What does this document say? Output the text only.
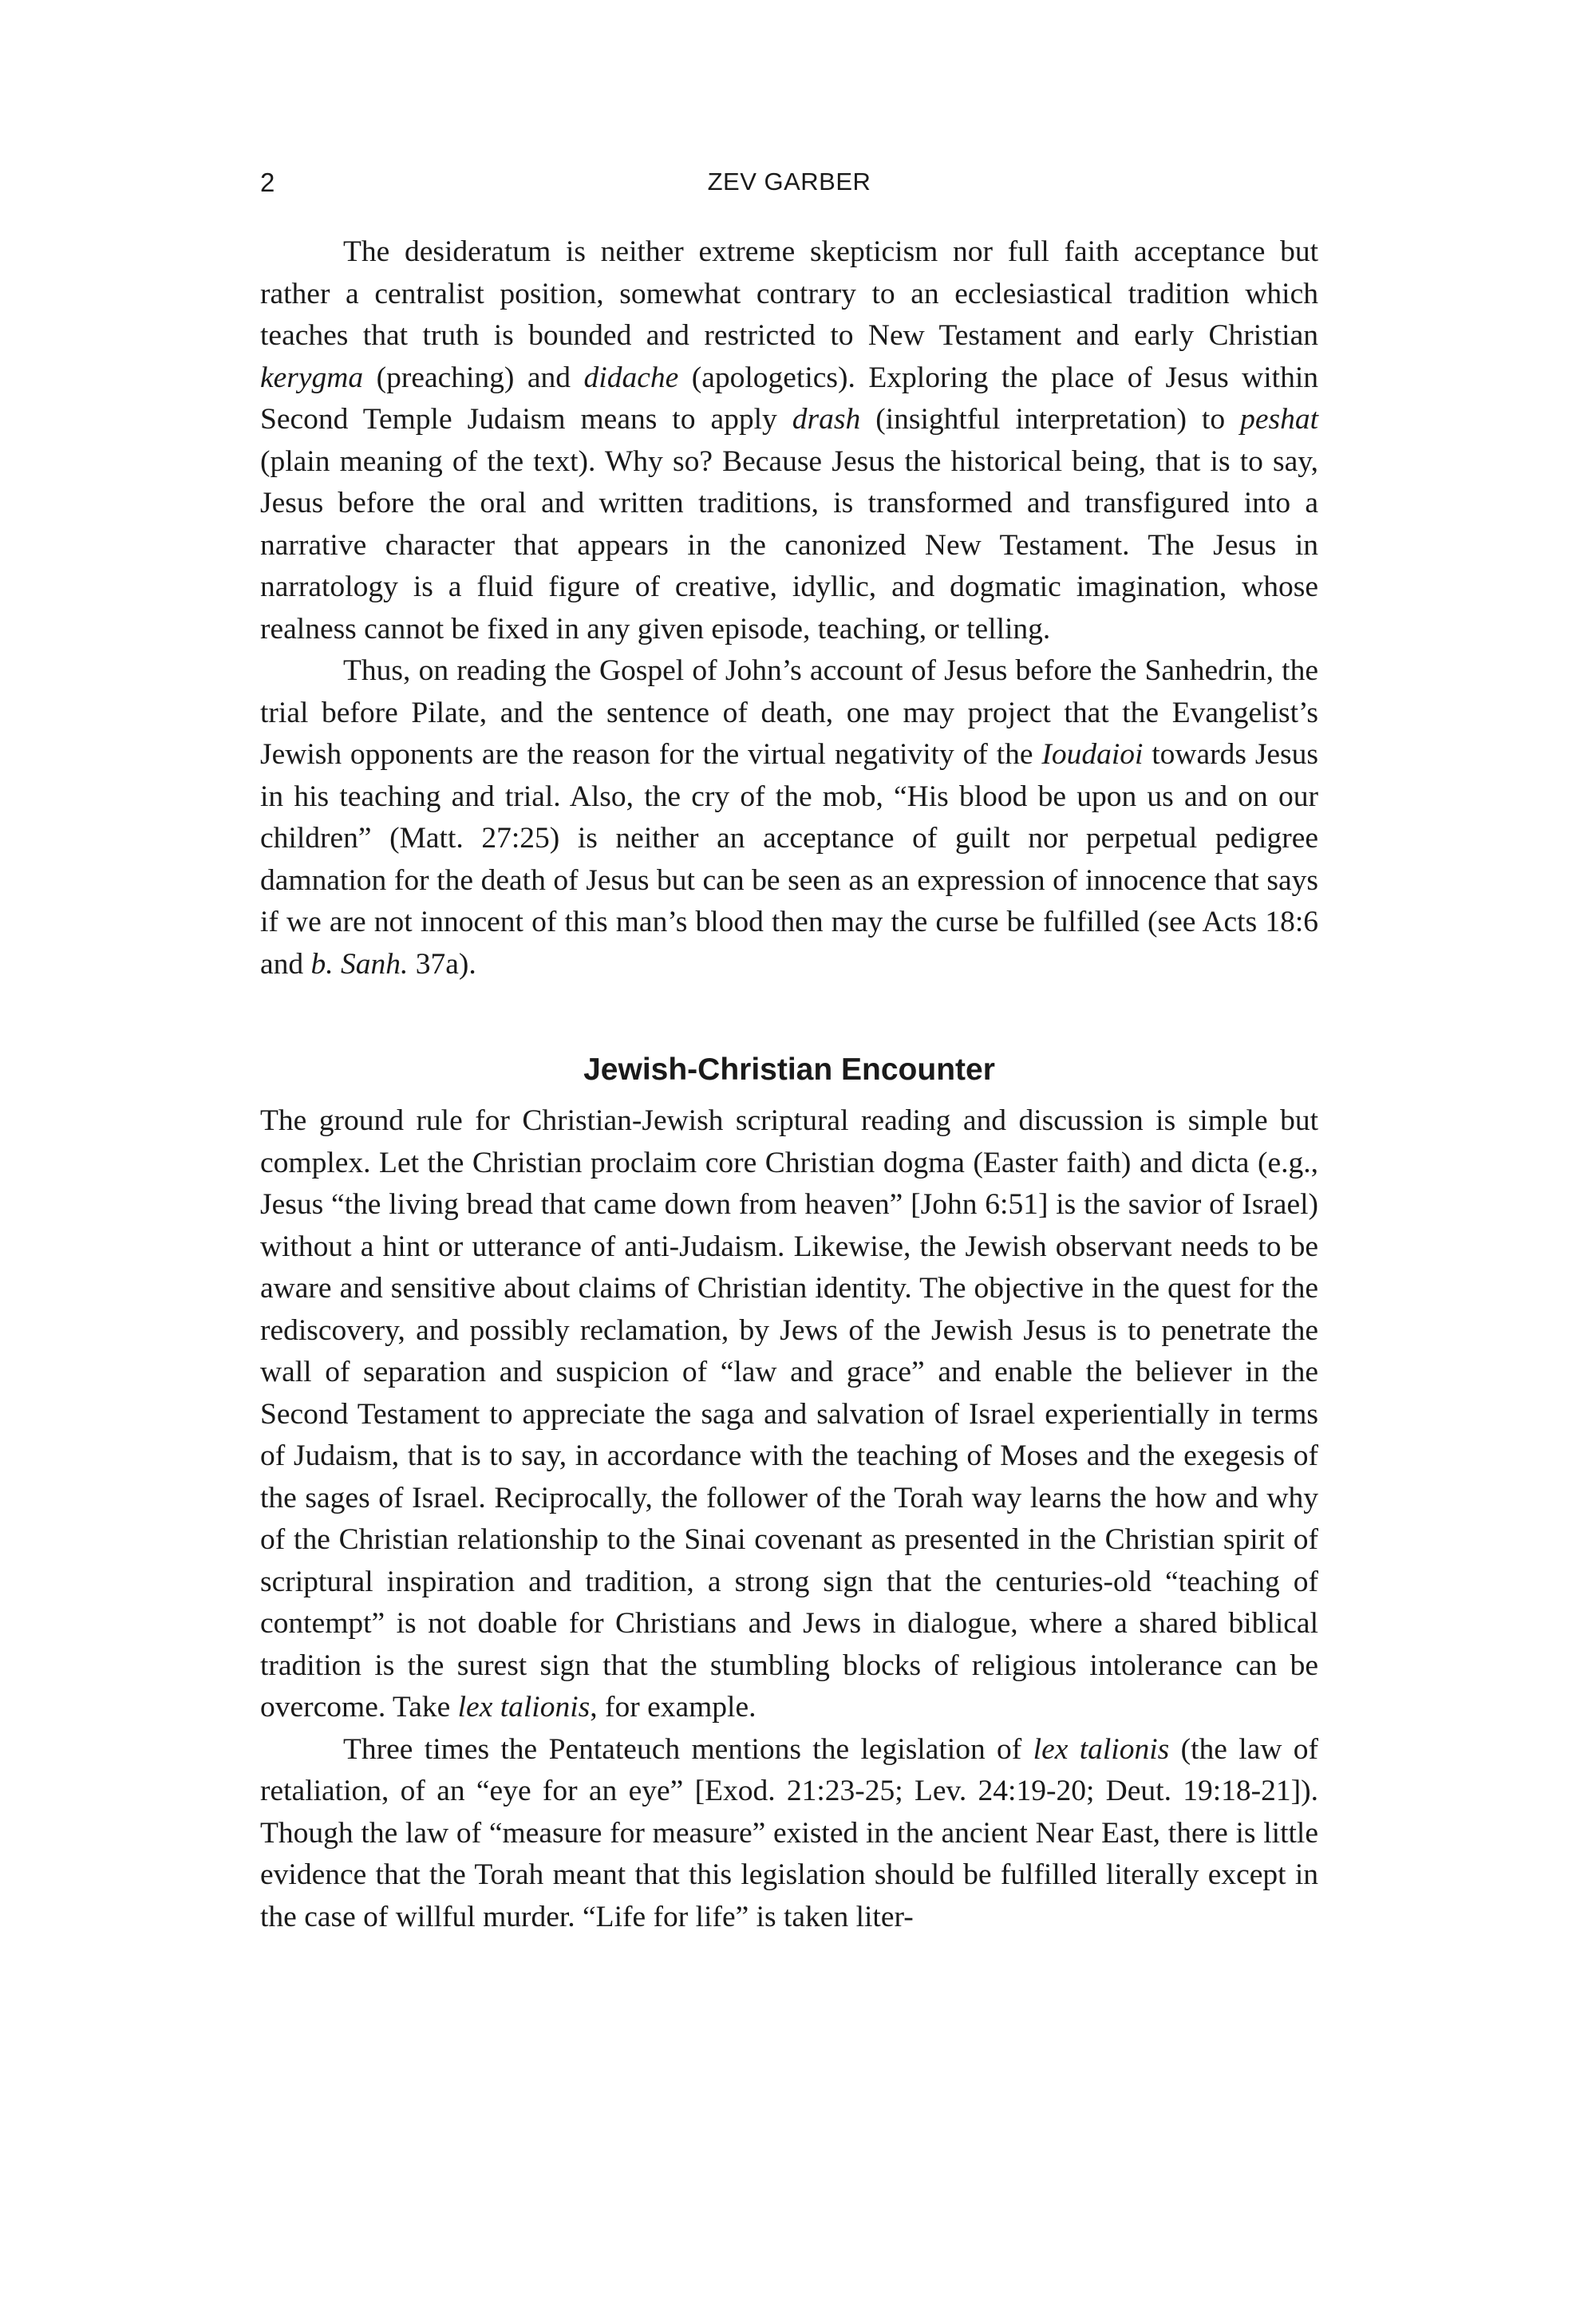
2	ZEV GARBER

The desideratum is neither extreme skepticism nor full faith acceptance but rather a centralist position, somewhat contrary to an ecclesiastical tradition which teaches that truth is bounded and restricted to New Testament and early Christian kerygma (preaching) and didache (apologetics). Exploring the place of Jesus within Second Temple Judaism means to apply drash (insightful interpretation) to peshat (plain meaning of the text). Why so? Because Jesus the historical being, that is to say, Jesus before the oral and written traditions, is transformed and transfigured into a narrative character that appears in the canonized New Testament. The Jesus in narratology is a fluid figure of creative, idyllic, and dogmatic imagination, whose realness cannot be fixed in any given episode, teaching, or telling.

Thus, on reading the Gospel of John’s account of Jesus before the Sanhedrin, the trial before Pilate, and the sentence of death, one may project that the Evangelist’s Jewish opponents are the reason for the virtual negativity of the Ioudaioi towards Jesus in his teaching and trial. Also, the cry of the mob, “His blood be upon us and on our children” (Matt. 27:25) is neither an acceptance of guilt nor perpetual pedigree damnation for the death of Jesus but can be seen as an expression of innocence that says if we are not innocent of this man’s blood then may the curse be fulfilled (see Acts 18:6 and b. Sanh. 37a).

Jewish-Christian Encounter

The ground rule for Christian-Jewish scriptural reading and discussion is simple but complex. Let the Christian proclaim core Christian dogma (Easter faith) and dicta (e.g., Jesus “the living bread that came down from heaven” [John 6:51] is the savior of Israel) without a hint or utterance of anti-Judaism. Likewise, the Jewish observant needs to be aware and sensitive about claims of Christian identity. The objective in the quest for the rediscovery, and possibly reclamation, by Jews of the Jewish Jesus is to penetrate the wall of separation and suspicion of “law and grace” and enable the believer in the Second Testament to appreciate the saga and salvation of Israel experientially in terms of Judaism, that is to say, in accordance with the teaching of Moses and the exegesis of the sages of Israel. Reciprocally, the follower of the Torah way learns the how and why of the Christian relationship to the Sinai covenant as presented in the Christian spirit of scriptural inspiration and tradition, a strong sign that the centuries-old “teaching of contempt” is not doable for Christians and Jews in dialogue, where a shared biblical tradition is the surest sign that the stumbling blocks of religious intolerance can be overcome. Take lex talionis, for example.

Three times the Pentateuch mentions the legislation of lex talionis (the law of retaliation, of an “eye for an eye” [Exod. 21:23-25; Lev. 24:19-20; Deut. 19:18-21]). Though the law of “measure for measure” existed in the ancient Near East, there is little evidence that the Torah meant that this legislation should be fulfilled literally except in the case of willful murder. “Life for life” is taken liter-
